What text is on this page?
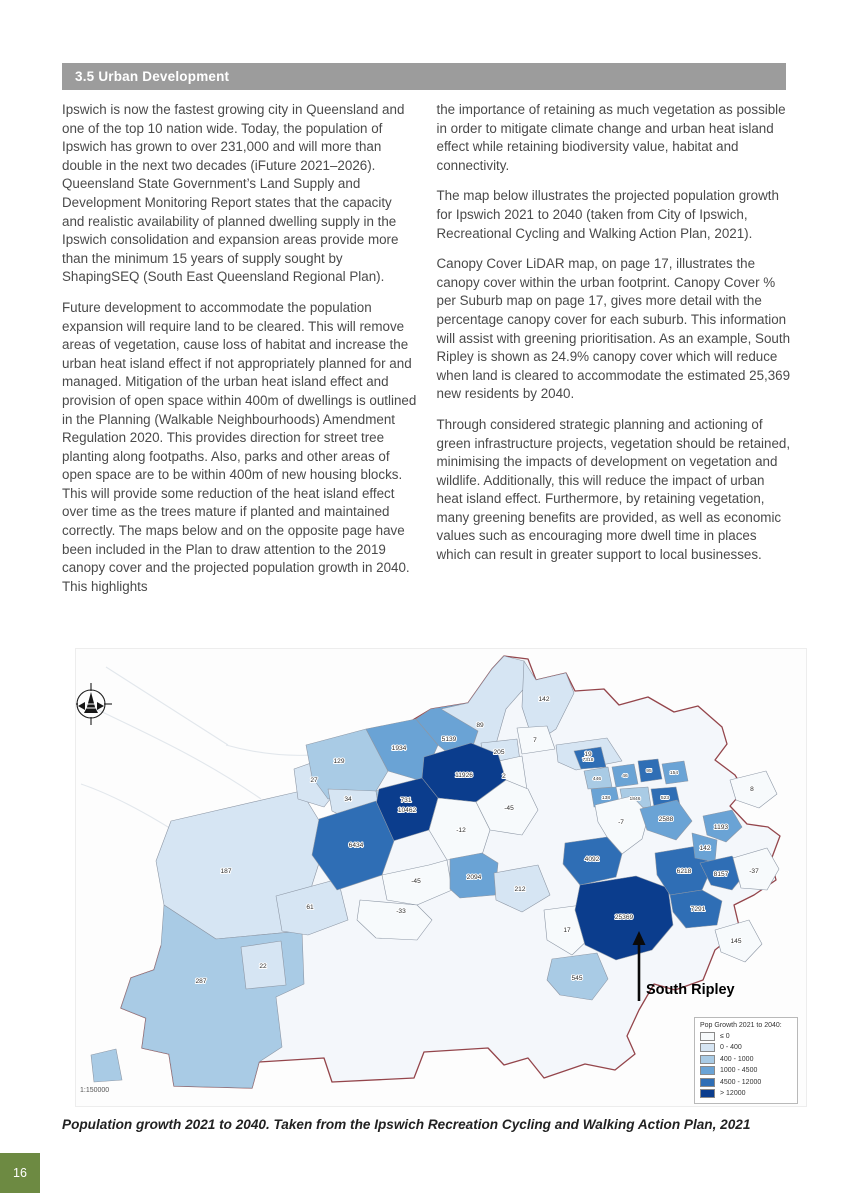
3.5 Urban Development

Ipswich is now the fastest growing city in Queensland and one of the top 10 nation wide. Today, the population of Ipswich has grown to over 231,000 and will more than double in the next two decades (iFuture 2021–2026). Queensland State Government’s Land Supply and Development Monitoring Report states that the capacity and realistic availability of planned dwelling supply in the Ipswich consolidation and expansion areas provide more than the minimum 15 years of supply sought by ShapingSEQ (South East Queensland Regional Plan).

Future development to accommodate the population expansion will require land to be cleared. This will remove areas of vegetation, cause loss of habitat and increase the urban heat island effect if not appropriately planned for and managed. Mitigation of the urban heat island effect and provision of open space within 400m of dwellings is outlined in the Planning (Walkable Neighbourhoods) Amendment Regulation 2020. This provides direction for street tree planting along footpaths. Also, parks and other areas of open space are to be within 400m of new housing blocks. This will provide some reduction of the heat island effect over time as the trees mature if planted and maintained correctly. The maps below and on the opposite page have been included in the Plan to draw attention to the 2019 canopy cover and the projected population growth in 2040. This highlights

the importance of retaining as much vegetation as possible in order to mitigate climate change and urban heat island effect while retaining biodiversity value, habitat and connectivity.

The map below illustrates the projected population growth for Ipswich 2021 to 2040 (taken from City of Ipswich, Recreational Cycling and Walking Action Plan, 2021).

Canopy Cover LiDAR map, on page 17, illustrates the canopy cover within the urban footprint. Canopy Cover % per Suburb map on page 17, gives more detail with the percentage canopy cover for each suburb. This information will assist with greening prioritisation. As an example, South Ripley is shown as 24.9% canopy cover which will reduce when land is cleared to accommodate the estimated 25,369 new residents by 2040.

Through considered strategic planning and actioning of green infrastructure projects, vegetation should be retained, minimising the impacts of development on vegetation and wildlife. Additionally, this will reduce the impact of urban heat island effect. Furthermore, by retaining vegetation, many greening benefits are provided, as well as economic values such as encouraging more dwell time in places which can result in greater support to local businesses.

187
287
22
61
129
27
34
1934
5139
731
89
142
205
7
2
19
11926
10462
6434
-45
-12
-45
-33
2094
212
17
545
-7
4092
25369
6218
7291
2588
1193
142
8157	-37
145
8
7318
446
46
95	154
138	1846	523
South Ripley
1:150000
Pop Growth 2021 to 2040:
≤ 0
0 - 400
400 - 1000
1000 - 4500
4500 - 12000
> 12000
Population growth 2021 to 2040. Taken from the Ipswich Recreation Cycling and Walking Action Plan, 2021
16
